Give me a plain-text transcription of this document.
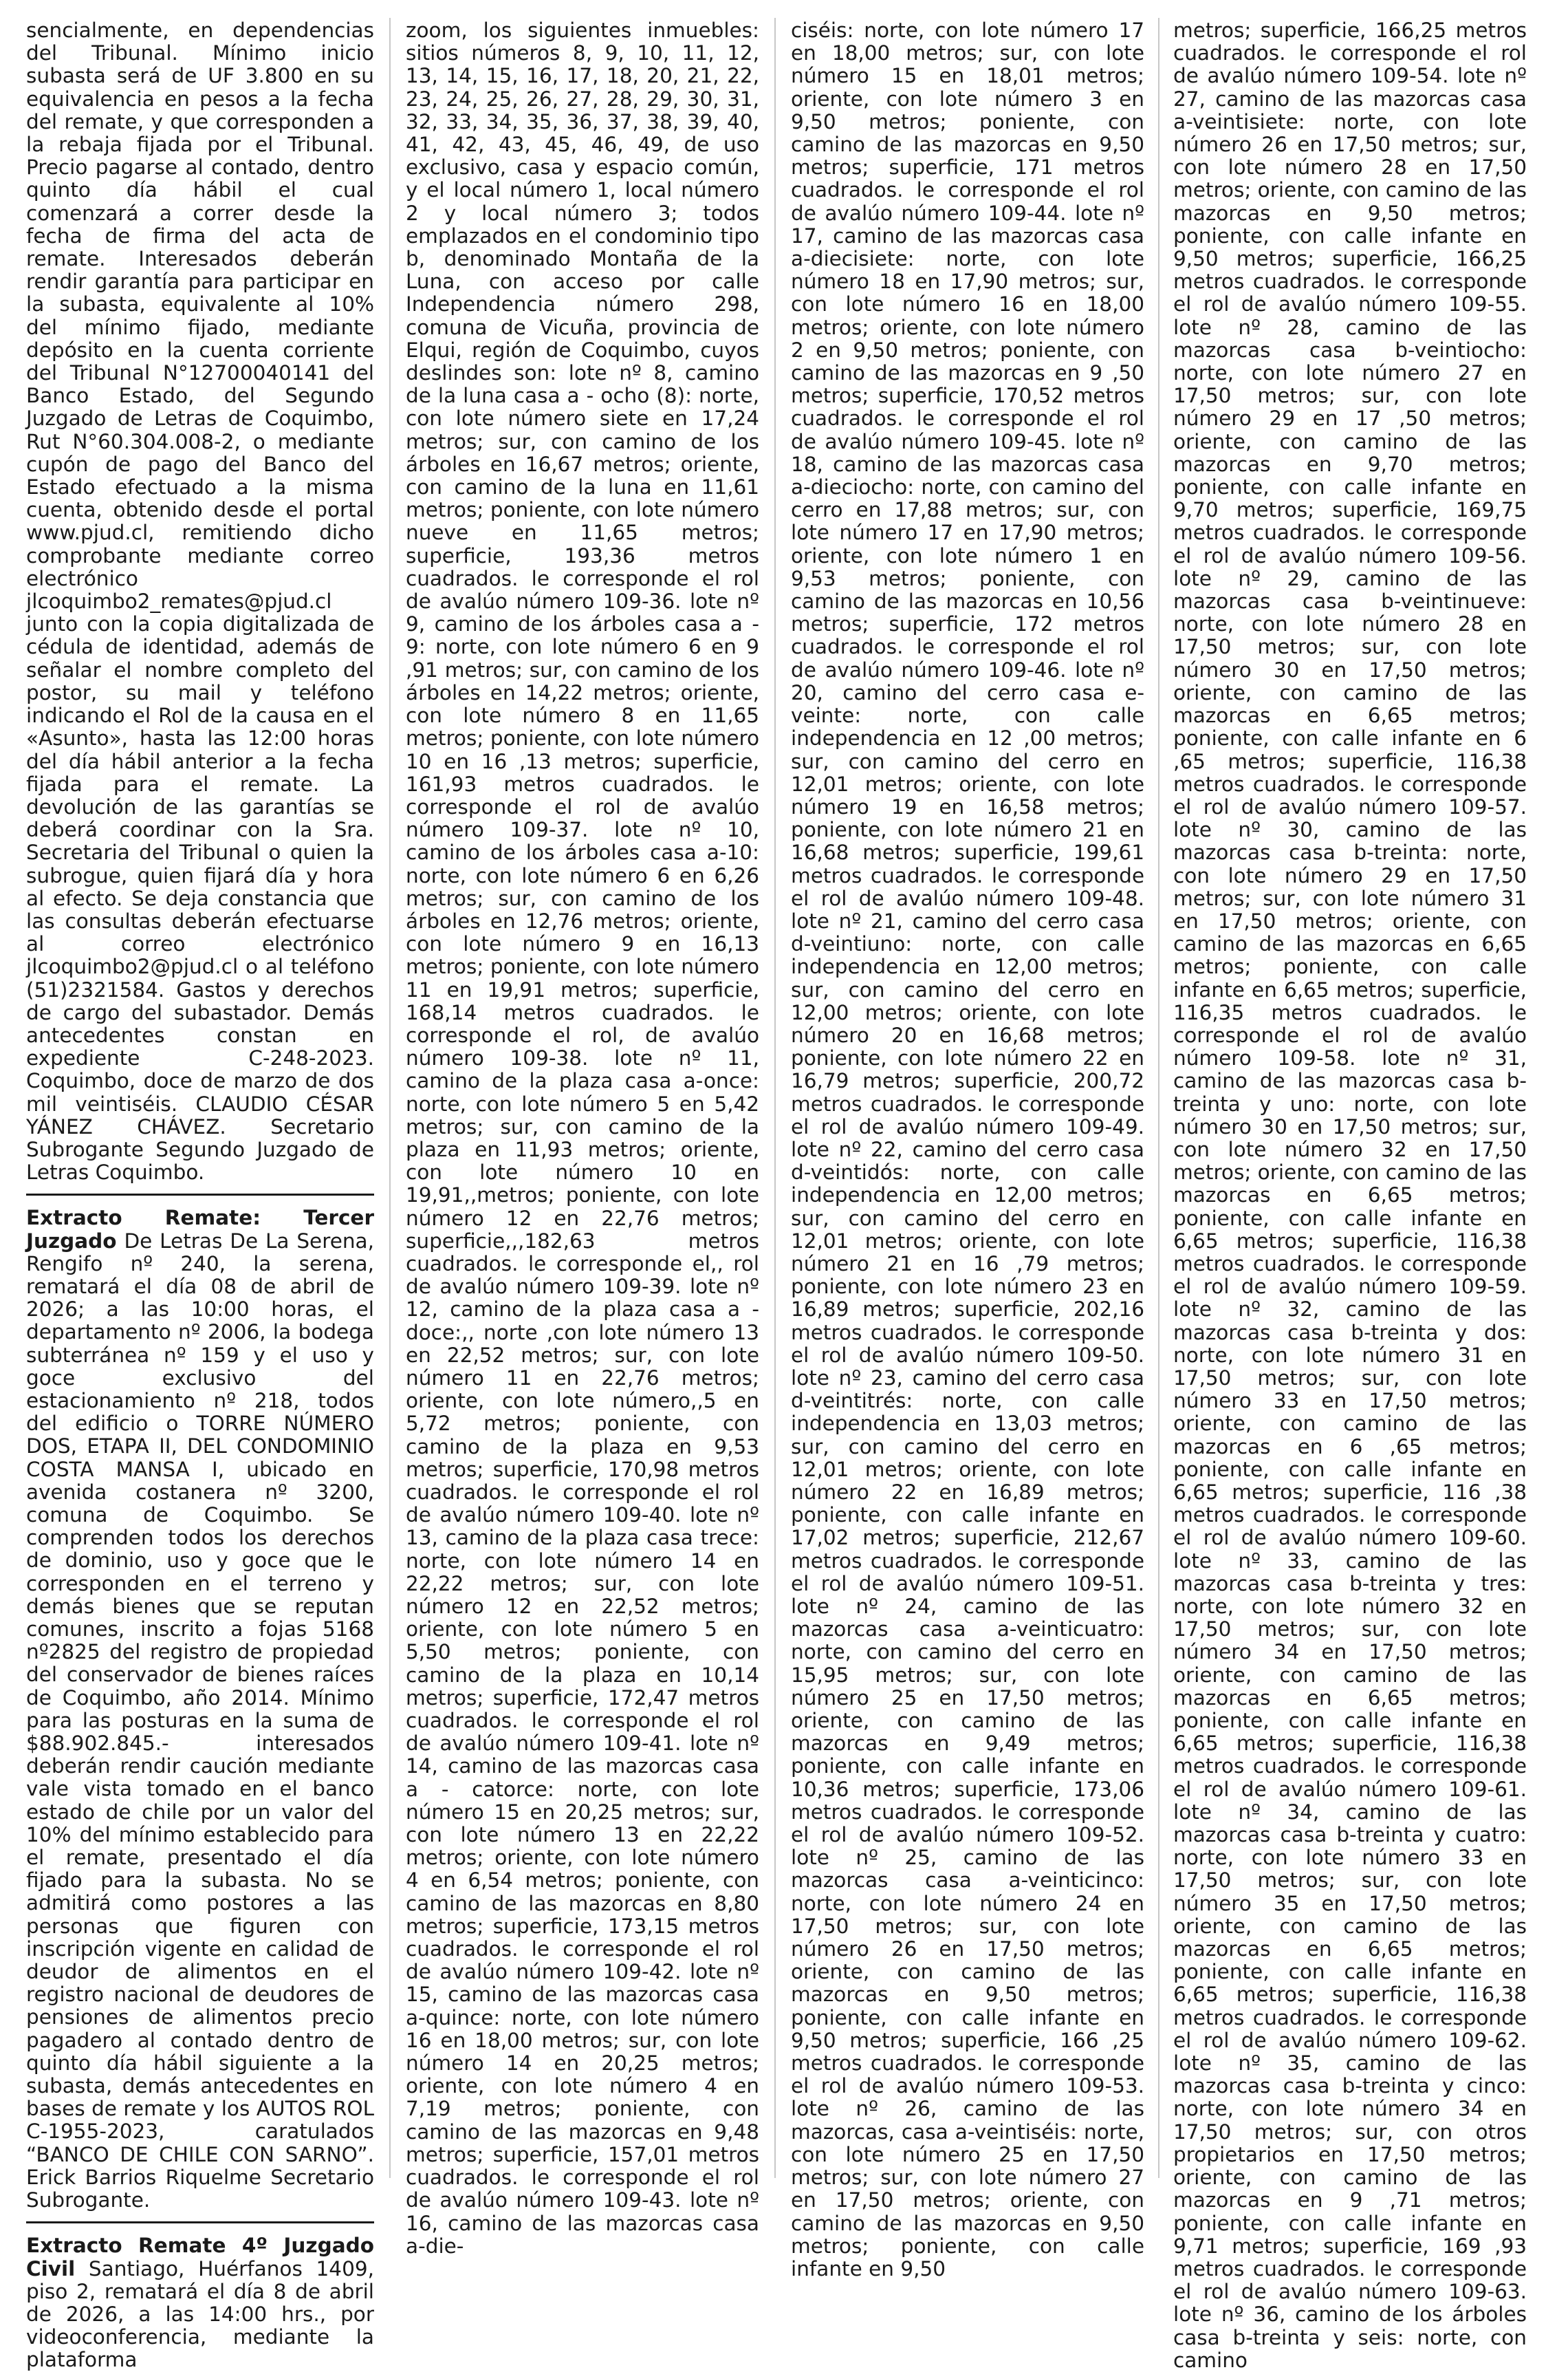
sencialmente, en dependencias del Tribunal. Mínimo inicio subasta será de UF 3.800 en su equivalencia en pesos a la fecha del remate, y que corresponden a la rebaja fijada por el Tribunal. Precio pagarse al contado, dentro quinto día hábil el cual comenzará a correr desde la fecha de firma del acta de remate. Interesados deberán rendir garantía para participar en la subasta, equivalente al 10% del mínimo fijado, mediante depósito en la cuenta corriente del Tribunal N°12700040141 del Banco Estado, del Segundo Juzgado de Letras de Coquimbo, Rut N°60.304.008-2, o mediante cupón de pago del Banco del Estado efectuado a la misma cuenta, obtenido desde el portal www.pjud.cl, remitiendo dicho comprobante mediante correo electrónico jlcoquimbo2_remates@pjud.cl junto con la copia digitalizada de cédula de identidad, además de señalar el nombre completo del postor, su mail y teléfono indicando el Rol de la causa en el «Asunto», hasta las 12:00 horas del día hábil anterior a la fecha fijada para el remate. La devolución de las garantías se deberá coordinar con la Sra. Secretaria del Tribunal o quien la subrogue, quien fijará día y hora al efecto. Se deja constancia que las consultas deberán efectuarse al correo electrónico jlcoquimbo2@pjud.cl o al teléfono (51)2321584. Gastos y derechos de cargo del subastador. Demás antecedentes constan en expediente C-248-2023. Coquimbo, doce de marzo de dos mil veintiséis. CLAUDIO CÉSAR YÁNEZ CHÁVEZ. Secretario Subrogante Segundo Juzgado de Letras Coquimbo.

Extracto Remate: Tercer Juzgado De Letras De La Serena, Rengifo nº 240, la serena, rematará el día 08 de abril de 2026; a las 10:00 horas, el departamento nº 2006, la bodega subterránea nº 159 y el uso y goce exclusivo del estacionamiento nº 218, todos del edificio o TORRE NÚMERO DOS, ETAPA II, DEL CONDOMINIO COSTA MANSA I, ubicado en avenida costanera nº 3200, comuna de Coquimbo. Se comprenden todos los derechos de dominio, uso y goce que le corresponden en el terreno y demás bienes que se reputan comunes, inscrito a fojas 5168 nº2825 del registro de propiedad del conservador de bienes raíces de Coquimbo, año 2014. Mínimo para las posturas en la suma de $88.902.845.- interesados deberán rendir caución mediante vale vista tomado en el banco estado de chile por un valor del 10% del mínimo establecido para el remate, presentado el día fijado para la subasta. No se admitirá como postores a las personas que figuren con inscripción vigente en calidad de deudor de alimentos en el registro nacional de deudores de pensiones de alimentos precio pagadero al contado dentro de quinto día hábil siguiente a la subasta, demás antecedentes en bases de remate y los AUTOS ROL C-1955-2023, caratulados “BANCO DE CHILE CON SARNO”. Erick Barrios Riquelme Secretario Subrogante.

Extracto Remate 4º Juzgado Civil Santiago, Huérfanos 1409, piso 2, rematará el día 8 de abril de 2026, a las 14:00 hrs., por videoconferencia, mediante la plataforma

zoom, los siguientes inmuebles: sitios números 8, 9, 10, 11, 12, 13, 14, 15, 16, 17, 18, 20, 21, 22, 23, 24, 25, 26, 27, 28, 29, 30, 31, 32, 33, 34, 35, 36, 37, 38, 39, 40, 41, 42, 43, 45, 46, 49, de uso exclusivo, casa y espacio común, y el local número 1, local número 2 y local número 3; todos emplazados en el condominio tipo b, denominado Montaña de la Luna, con acceso por calle Independencia número 298, comuna de Vicuña, provincia de Elqui, región de Coquimbo, cuyos deslindes son: lote nº 8, camino de la luna casa a - ocho (8): norte, con lote número siete en 17,24 metros; sur, con camino de los árboles en 16,67 metros; oriente, con camino de la luna en 11,61 metros; poniente, con lote número nueve en 11,65 metros; superficie, 193,36 metros cuadrados. le corresponde el rol de avalúo número 109-36. lote nº 9, camino de los árboles casa a - 9: norte, con lote número 6 en 9 ,91 metros; sur, con camino de los árboles en 14,22 metros; oriente, con lote número 8 en 11,65 metros; poniente, con lote número 10 en 16 ,13 metros; superficie, 161,93 metros cuadrados. le corresponde el rol de avalúo número 109-37. lote nº 10, camino de los árboles casa a-10: norte, con lote número 6 en 6,26 metros; sur, con camino de los árboles en 12,76 metros; oriente, con lote número 9 en 16,13 metros; poniente, con lote número 11 en 19,91 metros; superficie, 168,14 metros cuadrados. le corresponde el rol, de avalúo número 109-38. lote nº 11, camino de la plaza casa a-once: norte, con lote número 5 en 5,42 metros; sur, con camino de la plaza en 11,93 metros; oriente, con lote número 10 en 19,91,,metros; poniente, con lote número 12 en 22,76 metros; superficie,,,182,63 metros cuadrados. le corresponde el,, rol de avalúo número 109-39. lote nº 12, camino de la plaza casa a - doce:,, norte ,con lote número 13 en 22,52 metros; sur, con lote número 11 en 22,76 metros; oriente, con lote número,,5 en 5,72 metros; poniente, con camino de la plaza en 9,53 metros; superficie, 170,98 metros cuadrados. le corresponde el rol de avalúo número 109-40. lote nº 13, camino de la plaza casa trece: norte, con lote número 14 en 22,22 metros; sur, con lote número 12 en 22,52 metros; oriente, con lote número 5 en 5,50 metros; poniente, con camino de la plaza en 10,14 metros; superficie, 172,47 metros cuadrados. le corresponde el rol de avalúo número 109-41. lote nº 14, camino de las mazorcas casa a - catorce: norte, con lote número 15 en 20,25 metros; sur, con lote número 13 en 22,22 metros; oriente, con lote número 4 en 6,54 metros; poniente, con camino de las mazorcas en 8,80 metros; superficie, 173,15 metros cuadrados. le corresponde el rol de avalúo número 109-42. lote nº 15, camino de las mazorcas casa a-quince: norte, con lote número 16 en 18,00 metros; sur, con lote número 14 en 20,25 metros; oriente, con lote número 4 en 7,19 metros; poniente, con camino de las mazorcas en 9,48 metros; superficie, 157,01 metros cuadrados. le corresponde el rol de avalúo número 109-43. lote nº 16, camino de las mazorcas casa a-die-

ciséis: norte, con lote número 17 en 18,00 metros; sur, con lote número 15 en 18,01 metros; oriente, con lote número 3 en 9,50 metros; poniente, con camino de las mazorcas en 9,50 metros; superficie, 171 metros cuadrados. le corresponde el rol de avalúo número 109-44. lote nº 17, camino de las mazorcas casa a-diecisiete: norte, con lote número 18 en 17,90 metros; sur, con lote número 16 en 18,00 metros; oriente, con lote número 2 en 9,50 metros; poniente, con camino de las mazorcas en 9 ,50 metros; superficie, 170,52 metros cuadrados. le corresponde el rol de avalúo número 109-45. lote nº 18, camino de las mazorcas casa a-dieciocho: norte, con camino del cerro en 17,88 metros; sur, con lote número 17 en 17,90 metros; oriente, con lote número 1 en 9,53 metros; poniente, con camino de las mazorcas en 10,56 metros; superficie, 172 metros cuadrados. le corresponde el rol de avalúo número 109-46. lote nº 20, camino del cerro casa e-veinte: norte, con calle independencia en 12 ,00 metros; sur, con camino del cerro en 12,01 metros; oriente, con lote número 19 en 16,58 metros; poniente, con lote número 21 en 16,68 metros; superficie, 199,61 metros cuadrados. le corresponde el rol de avalúo número 109-48. lote nº 21, camino del cerro casa d-veintiuno: norte, con calle independencia en 12,00 metros; sur, con camino del cerro en 12,00 metros; oriente, con lote número 20 en 16,68 metros; poniente, con lote número 22 en 16,79 metros; superficie, 200,72 metros cuadrados. le corresponde el rol de avalúo número 109-49. lote nº 22, camino del cerro casa d-veintidós: norte, con calle independencia en 12,00 metros; sur, con camino del cerro en 12,01 metros; oriente, con lote número 21 en 16 ,79 metros; poniente, con lote número 23 en 16,89 metros; superficie, 202,16 metros cuadrados. le corresponde el rol de avalúo número 109-50. lote nº 23, camino del cerro casa d-veintitrés: norte, con calle independencia en 13,03 metros; sur, con camino del cerro en 12,01 metros; oriente, con lote número 22 en 16,89 metros; poniente, con calle infante en 17,02 metros; superficie, 212,67 metros cuadrados. le corresponde el rol de avalúo número 109-51. lote nº 24, camino de las mazorcas casa a-veinticuatro: norte, con camino del cerro en 15,95 metros; sur, con lote número 25 en 17,50 metros; oriente, con camino de las mazorcas en 9,49 metros; poniente, con calle infante en 10,36 metros; superficie, 173,06 metros cuadrados. le corresponde el rol de avalúo número 109-52. lote nº 25, camino de las mazorcas casa a-veinticinco: norte, con lote número 24 en 17,50 metros; sur, con lote número 26 en 17,50 metros; oriente, con camino de las mazorcas en 9,50 metros; poniente, con calle infante en 9,50 metros; superficie, 166 ,25 metros cuadrados. le corresponde el rol de avalúo número 109-53. lote nº 26, camino de las mazorcas, casa a-veintiséis: norte, con lote número 25 en 17,50 metros; sur, con lote número 27 en 17,50 metros; oriente, con camino de las mazorcas en 9,50 metros; poniente, con calle infante en 9,50

metros; superficie, 166,25 metros cuadrados. le corresponde el rol de avalúo número 109-54. lote nº 27, camino de las mazorcas casa a-veintisiete: norte, con lote número 26 en 17,50 metros; sur, con lote número 28 en 17,50 metros; oriente, con camino de las mazorcas en 9,50 metros; poniente, con calle infante en 9,50 metros; superficie, 166,25 metros cuadrados. le corresponde el rol de avalúo número 109-55. lote nº 28, camino de las mazorcas casa b-veintiocho: norte, con lote número 27 en 17,50 metros; sur, con lote número 29 en 17 ,50 metros; oriente, con camino de las mazorcas en 9,70 metros; poniente, con calle infante en 9,70 metros; superficie, 169,75 metros cuadrados. le corresponde el rol de avalúo número 109-56. lote nº 29, camino de las mazorcas casa b-veintinueve: norte, con lote número 28 en 17,50 metros; sur, con lote número 30 en 17,50 metros; oriente, con camino de las mazorcas en 6,65 metros; poniente, con calle infante en 6 ,65 metros; superficie, 116,38 metros cuadrados. le corresponde el rol de avalúo número 109-57. lote nº 30, camino de las mazorcas casa b-treinta: norte, con lote número 29 en 17,50 metros; sur, con lote número 31 en 17,50 metros; oriente, con camino de las mazorcas en 6,65 metros; poniente, con calle infante en 6,65 metros; superficie, 116,35 metros cuadrados. le corresponde el rol de avalúo número 109-58. lote nº 31, camino de las mazorcas casa b-treinta y uno: norte, con lote número 30 en 17,50 metros; sur, con lote número 32 en 17,50 metros; oriente, con camino de las mazorcas en 6,65 metros; poniente, con calle infante en 6,65 metros; superficie, 116,38 metros cuadrados. le corresponde el rol de avalúo número 109-59. lote nº 32, camino de las mazorcas casa b-treinta y dos: norte, con lote número 31 en 17,50 metros; sur, con lote número 33 en 17,50 metros; oriente, con camino de las mazorcas en 6 ,65 metros; poniente, con calle infante en 6,65 metros; superficie, 116 ,38 metros cuadrados. le corresponde el rol de avalúo número 109-60. lote nº 33, camino de las mazorcas casa b-treinta y tres: norte, con lote número 32 en 17,50 metros; sur, con lote número 34 en 17,50 metros; oriente, con camino de las mazorcas en 6,65 metros; poniente, con calle infante en 6,65 metros; superficie, 116,38 metros cuadrados. le corresponde el rol de avalúo número 109-61. lote nº 34, camino de las mazorcas casa b-treinta y cuatro: norte, con lote número 33 en 17,50 metros; sur, con lote número 35 en 17,50 metros; oriente, con camino de las mazorcas en 6,65 metros; poniente, con calle infante en 6,65 metros; superficie, 116,38 metros cuadrados. le corresponde el rol de avalúo número 109-62. lote nº 35, camino de las mazorcas casa b-treinta y cinco: norte, con lote número 34 en 17,50 metros; sur, con otros propietarios en 17,50 metros; oriente, con camino de las mazorcas en 9 ,71 metros; poniente, con calle infante en 9,71 metros; superficie, 169 ,93 metros cuadrados. le corresponde el rol de avalúo número 109-63. lote nº 36, camino de los árboles casa b-treinta y seis: norte, con camino
